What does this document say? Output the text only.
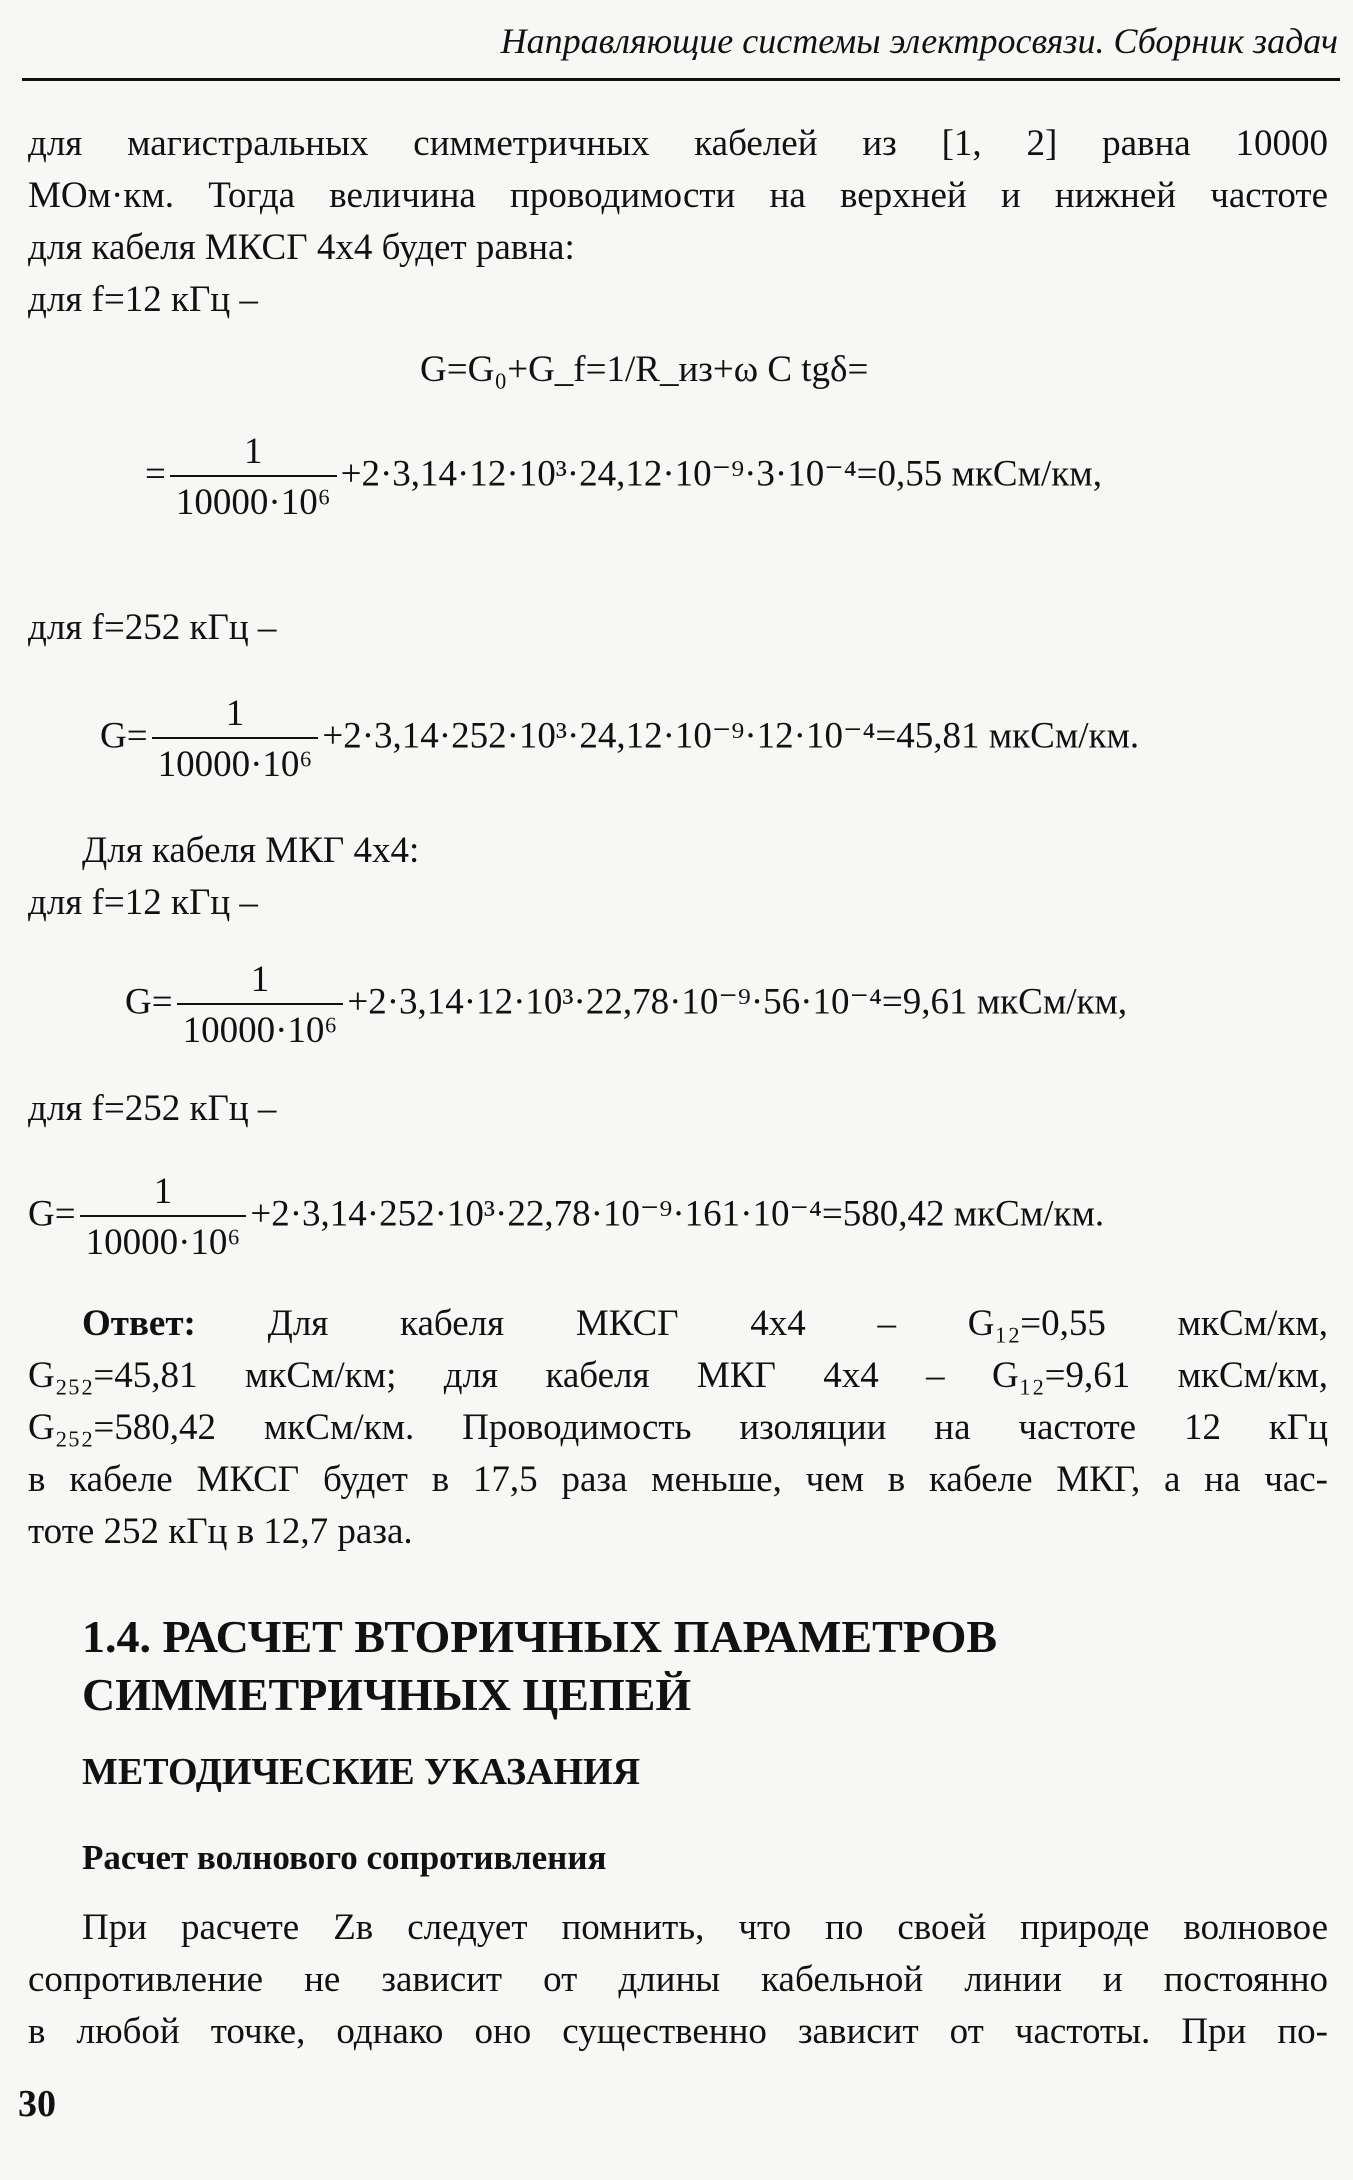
Направляющие системы электросвязи. Сборник задач
для магистральных симметричных кабелей из [1, 2] равна 10000
МОм·км. Тогда величина проводимости на верхней и нижней частоте
для кабеля МКСГ 4х4 будет равна:
для f=12 кГц –
G=G₀+G_f=1/R_из+ω C tgδ=
= $\frac{1}{\text{10000·10⁶}} +2\cdot 3,14\cdot 12\cdot 10^3\cdot 24,12\cdot 10^{-9}\cdot 3\cdot 10^{-4}=0,55$ мкСм/км,
для f=252 кГц –
$G= \frac{1}{\text{10000·10⁶}} +2\cdot 3,14\cdot 252\cdot 10^3\cdot 24,12\cdot 10^{-9}\cdot 12\cdot 10^{-4}=45,81$ мкСм/км.
Для кабеля МКГ 4х4:
для f=12 кГц –
$G= \frac{1}{\text{10000·10⁶}} +2\cdot 3,14\cdot 12\cdot 10^3\cdot 22,78\cdot 10^{-9}\cdot 56\cdot 10^{-4}=9,61$ мкСм/км,
для f=252 кГц –
$G= \frac{1}{\text{10000·10⁶}} +2\cdot 3,14\cdot 252\cdot 10^3\cdot 22,78\cdot 10^{-9}\cdot 161\cdot 10^{-4}=580,42$ мкСм/км.
Ответ: Для кабеля МКСГ 4х4 – G₁₂=0,55 мкСм/км,
G₂₅₂=45,81 мкСм/км; для кабеля МКГ 4х4 – G₁₂=9,61 мкСм/км,
G₂₅₂=580,42 мкСм/км. Проводимость изоляции на частоте 12 кГц
в кабеле МКСГ будет в 17,5 раза меньше, чем в кабеле МКГ, а на час-
тоте 252 кГц в 12,7 раза.
1.4. РАСЧЕТ ВТОРИЧНЫХ ПАРАМЕТРОВ
СИММЕТРИЧНЫХ ЦЕПЕЙ
МЕТОДИЧЕСКИЕ УКАЗАНИЯ
Расчет волнового сопротивления
При расчете Zв следует помнить, что по своей природе волновое
сопротивление не зависит от длины кабельной линии и постоянно
в любой точке, однако оно существенно зависит от частоты. При по-
30
